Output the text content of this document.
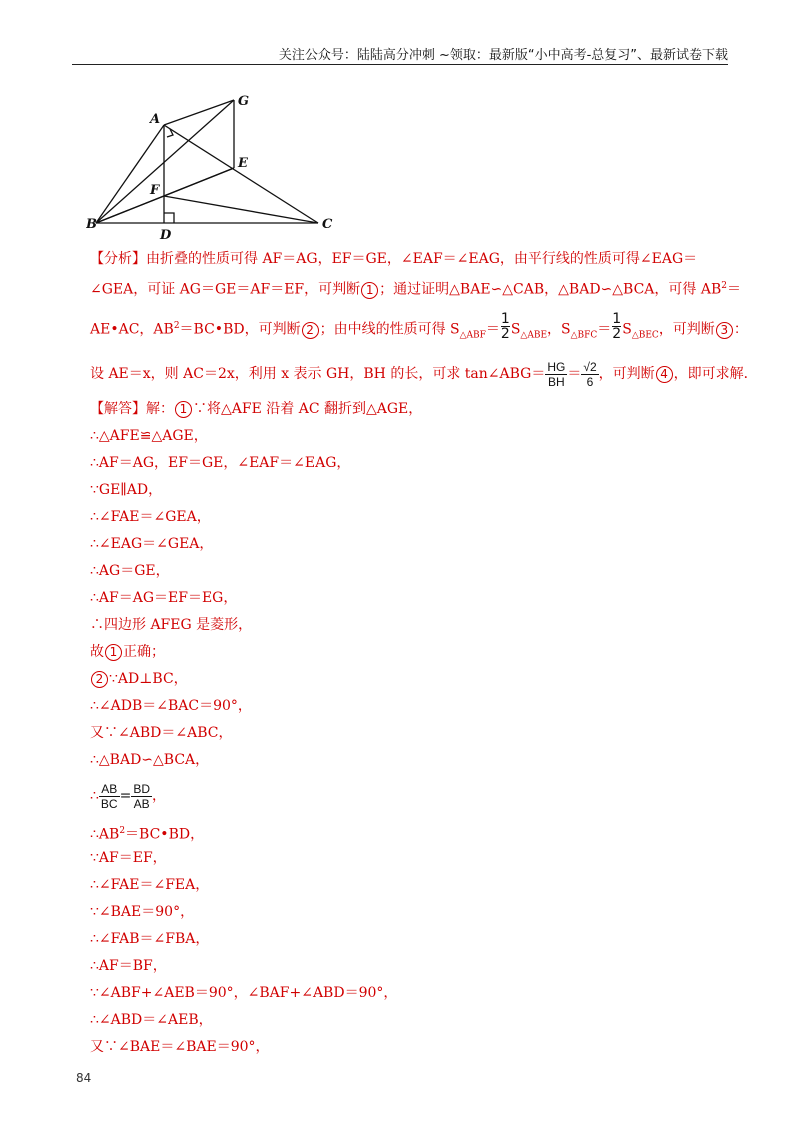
关注公众号：陆陆高分冲刺 ~领取：最新版“小中高考-总复习”、最新试卷下载
A
G
E
F
B
D
C
【分析】由折叠的性质可得 AF＝AG，EF＝GE，∠EAF＝∠EAG，由平行线的性质可得∠EAG＝
∠GEA，可证 AG＝GE＝AF＝EF，可判断 1 ；通过证明△BAE∽△CAB，△BAD∽△BCA，可得 $AB^2=$
AE•AC，$AB^2=BC•BD$，可判断 2 ；由中线的性质可得 $S_{\triangle ABF}= \frac{1}{2}S_{\triangle ABE}$，$S_{\triangle BFC}= \frac{1}{2}S_{\triangle BEC}$，可判断 3 ：
设 AE＝x，则 AC＝2x，利用 x 表示 GH，BH 的长，可求 tan∠ABG＝ $\frac{HG}{BH} = \frac{√2}{6}$ ，可判断 4 ，即可求解．
【解答】解： 1 ∵将△AFE 沿着 AC 翻折到△AGE，
∴△AFE≌△AGE，
∴AF＝AG，EF＝GE，∠EAF＝∠EAG，
∵GE∥AD，
∴∠FAE＝∠GEA，
∴∠EAG＝∠GEA，
∴AG＝GE，
∴AF＝AG＝EF＝EG，
∴四边形 AFEG 是菱形，
故 1 正确；
2 ∵AD⊥BC，
∴∠ADB＝∠BAC＝90°，
又∵∠ABD＝∠ABC，
∴△BAD∽△BCA，
∴ $\frac{AB}{BC} = \frac{BD}{AB}$ ，
$\therefore AB^2=BC•BD$，
∵AF＝EF，
∴∠FAE＝∠FEA，
∵∠BAE＝90°，
∴∠FAB＝∠FBA，
∴AF＝BF，
∵∠ABF+∠AEB＝90°，∠BAF+∠ABD＝90°，
∴∠ABD＝∠AEB，
又∵∠BAE＝∠BAE＝90°，
84
